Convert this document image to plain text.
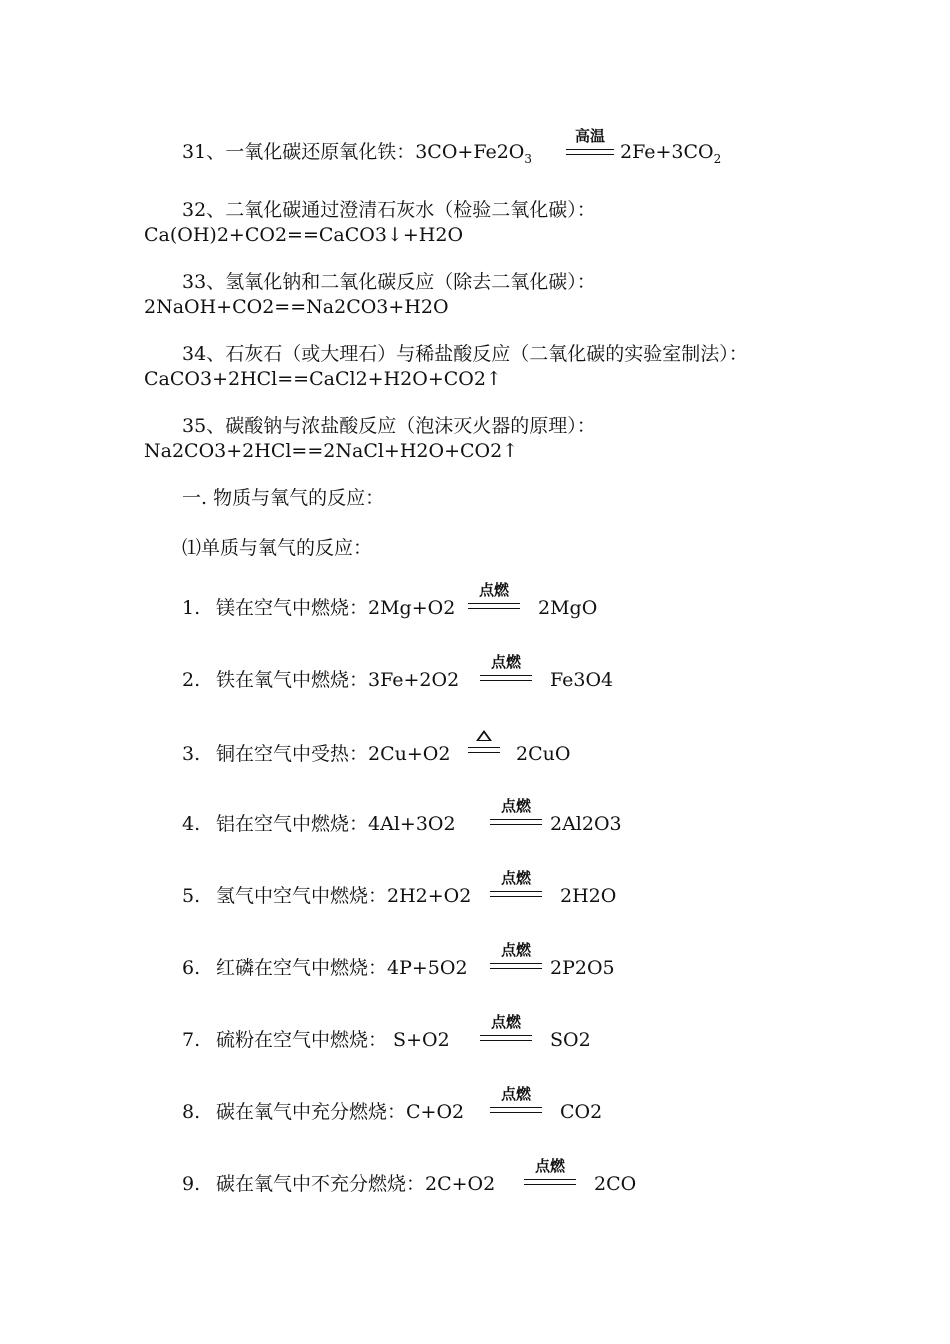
31、一氧化碳还原氧化铁：$3CO+Fe2O_3$
高温
$2Fe+3CO_2$
32、二氧化碳通过澄清石灰水（检验二氧化碳）：
Ca(OH)2+CO2==CaCO3↓+H2O
33、氢氧化钠和二氧化碳反应（除去二氧化碳）：
2NaOH+CO2==Na2CO3+H2O
34、石灰石（或大理石）与稀盐酸反应（二氧化碳的实验室制法）：
CaCO3+2HCl==CaCl2+H2O+CO2↑
35、碳酸钠与浓盐酸反应（泡沫灭火器的原理）：
Na2CO3+2HCl==2NaCl+H2O+CO2↑
一. 物质与氧气的反应：
⑴单质与氧气的反应：
1. 镁在空气中燃烧：2Mg+O2
点燃
2MgO
2. 铁在氧气中燃烧：3Fe+2O2
点燃
Fe3O4
3. 铜在空气中受热：2Cu+O2	2CuO
4. 铝在空气中燃烧：4Al+3O2
点燃
2Al2O3
5. 氢气中空气中燃烧：2H2+O2
点燃
2H2O
6. 红磷在空气中燃烧：4P+5O2
点燃
2P2O5
7. 硫粉在空气中燃烧： S+O2
点燃
SO2
8. 碳在氧气中充分燃烧：C+O2
点燃
CO2
9. 碳在氧气中不充分燃烧：2C+O2
点燃
2CO
